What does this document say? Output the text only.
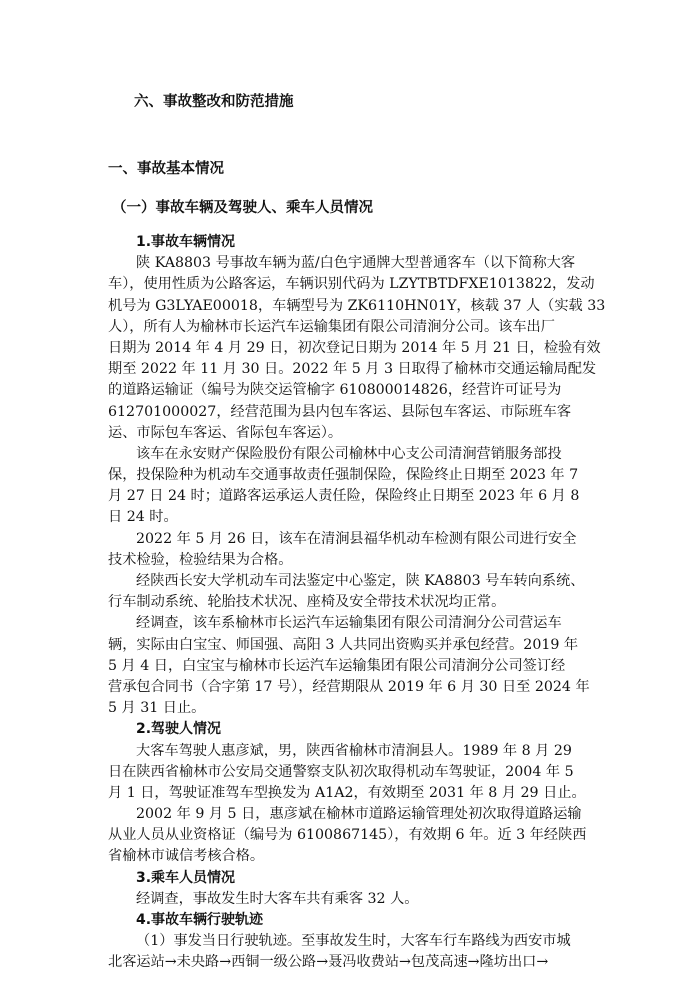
六、事故整改和防范措施
一、事故基本情况
（一）事故车辆及驾驶人、乘车人员情况
1.事故车辆情况
陕 KA8803 号事故车辆为蓝/白色宇通牌大型普通客车（以下简称大客
车），使用性质为公路客运，车辆识别代码为 LZYTBTDFXE1013822，发动
机号为 G3LYAE00018，车辆型号为 ZK6110HN01Y，核载 37 人（实载 33
人），所有人为榆林市长运汽车运输集团有限公司清涧分公司。该车出厂
日期为 2014 年 4 月 29 日，初次登记日期为 2014 年 5 月 21 日，检验有效
期至 2022 年 11 月 30 日。2022 年 5 月 3 日取得了榆林市交通运输局配发
的道路运输证（编号为陕交运管榆字 610800014826，经营许可证号为
612701000027，经营范围为县内包车客运、县际包车客运、市际班车客
运、市际包车客运、省际包车客运）。
该车在永安财产保险股份有限公司榆林中心支公司清涧营销服务部投
保，投保险种为机动车交通事故责任强制保险，保险终止日期至 2023 年 7
月 27 日 24 时；道路客运承运人责任险，保险终止日期至 2023 年 6 月 8
日 24 时。
2022 年 5 月 26 日，该车在清涧县福华机动车检测有限公司进行安全
技术检验，检验结果为合格。
经陕西长安大学机动车司法鉴定中心鉴定，陕 KA8803 号车转向系统、
行车制动系统、轮胎技术状况、座椅及安全带技术状况均正常。
经调查，该车系榆林市长运汽车运输集团有限公司清涧分公司营运车
辆，实际由白宝宝、师国强、高阳 3 人共同出资购买并承包经营。2019 年
5 月 4 日，白宝宝与榆林市长运汽车运输集团有限公司清涧分公司签订经
营承包合同书（合字第 17 号），经营期限从 2019 年 6 月 30 日至 2024 年
5 月 31 日止。
2.驾驶人情况
大客车驾驶人惠彦斌，男，陕西省榆林市清涧县人。1989 年 8 月 29
日在陕西省榆林市公安局交通警察支队初次取得机动车驾驶证，2004 年 5
月 1 日，驾驶证准驾车型换发为 A1A2，有效期至 2031 年 8 月 29 日止。
2002 年 9 月 5 日，惠彦斌在榆林市道路运输管理处初次取得道路运输
从业人员从业资格证（编号为 6100867145），有效期 6 年。近 3 年经陕西
省榆林市诚信考核合格。
3.乘车人员情况
经调查，事故发生时大客车共有乘客 32 人。
4.事故车辆行驶轨迹
（1）事发当日行驶轨迹。至事故发生时，大客车行车路线为西安市城
北客运站→未央路→西铜一级公路→聂冯收费站→包茂高速→隆坊出口→
